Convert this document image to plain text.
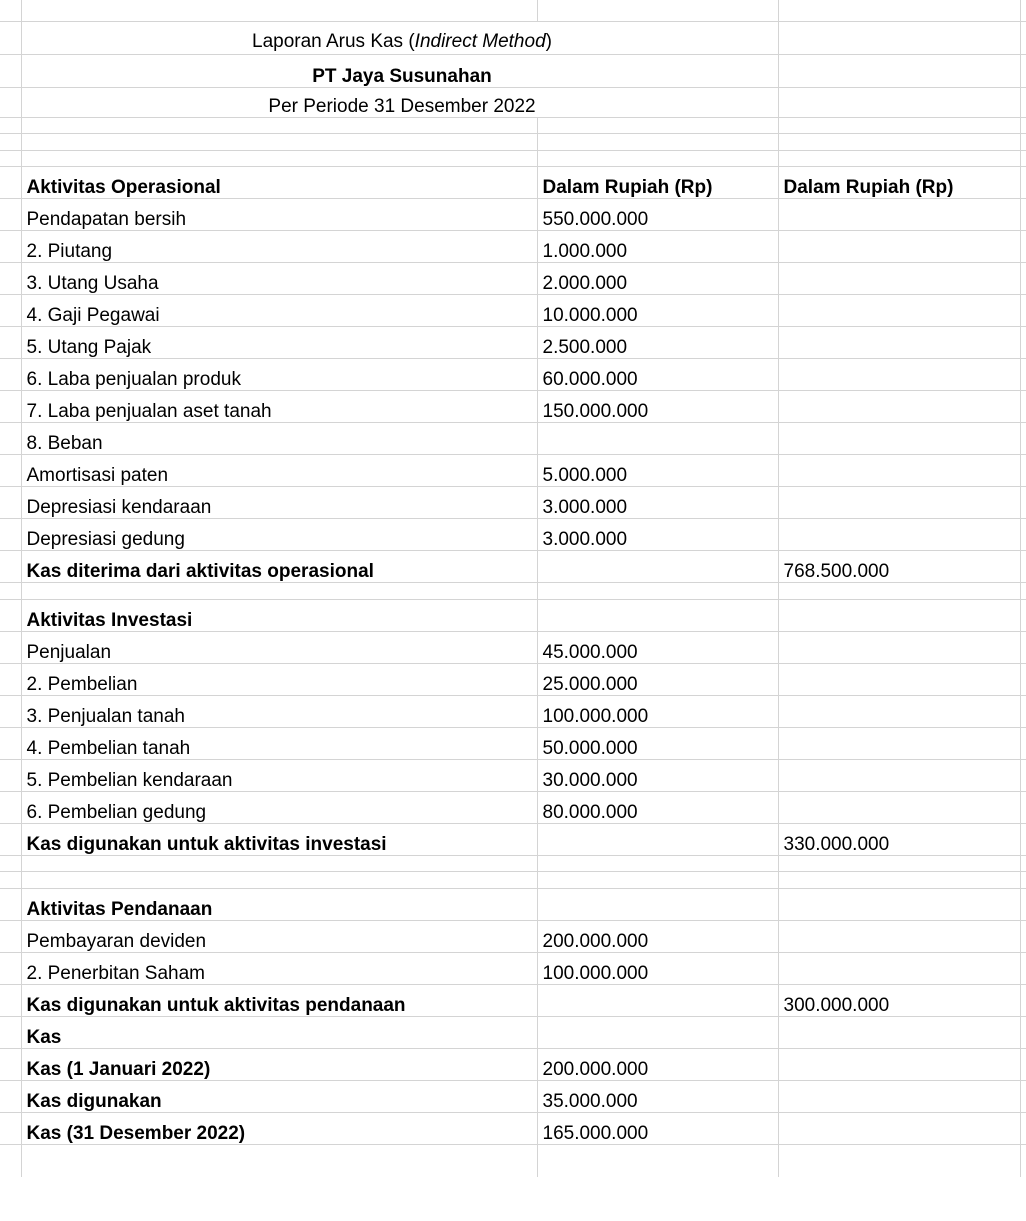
	Laporan Arus Kas (Indirect Method)			

	PT Jaya Susunahan			
	Per Periode 31 Desember 2022			

	Aktivitas Operasional	Dalam Rupiah (Rp)	Dalam Rupiah (Rp)	
	Pendapatan bersih	550.000.000		
	2. Piutang	1.000.000		
	3. Utang Usaha	2.000.000		
	4. Gaji Pegawai	10.000.000		
	5. Utang Pajak	2.500.000		
	6. Laba penjualan produk	60.000.000		
	7. Laba penjualan aset tanah	150.000.000		
	8. Beban			
	Amortisasi paten	5.000.000		
	Depresiasi kendaraan	3.000.000		
	Depresiasi gedung	3.000.000		
	Kas diterima dari aktivitas operasional		768.500.000	

	Aktivitas Investasi			
	Penjualan	45.000.000		
	2. Pembelian	25.000.000		
	3. Penjualan tanah	100.000.000		
	4. Pembelian tanah	50.000.000		
	5. Pembelian kendaraan	30.000.000		
	6. Pembelian gedung	80.000.000		
	Kas digunakan untuk aktivitas investasi		330.000.000	

	Aktivitas Pendanaan			
	Pembayaran deviden	200.000.000		
	2. Penerbitan Saham	100.000.000		
	Kas digunakan untuk aktivitas pendanaan		300.000.000	
	Kas			
	Kas (1 Januari 2022)	200.000.000		
	Kas digunakan	35.000.000		
	Kas (31 Desember 2022)	165.000.000		
